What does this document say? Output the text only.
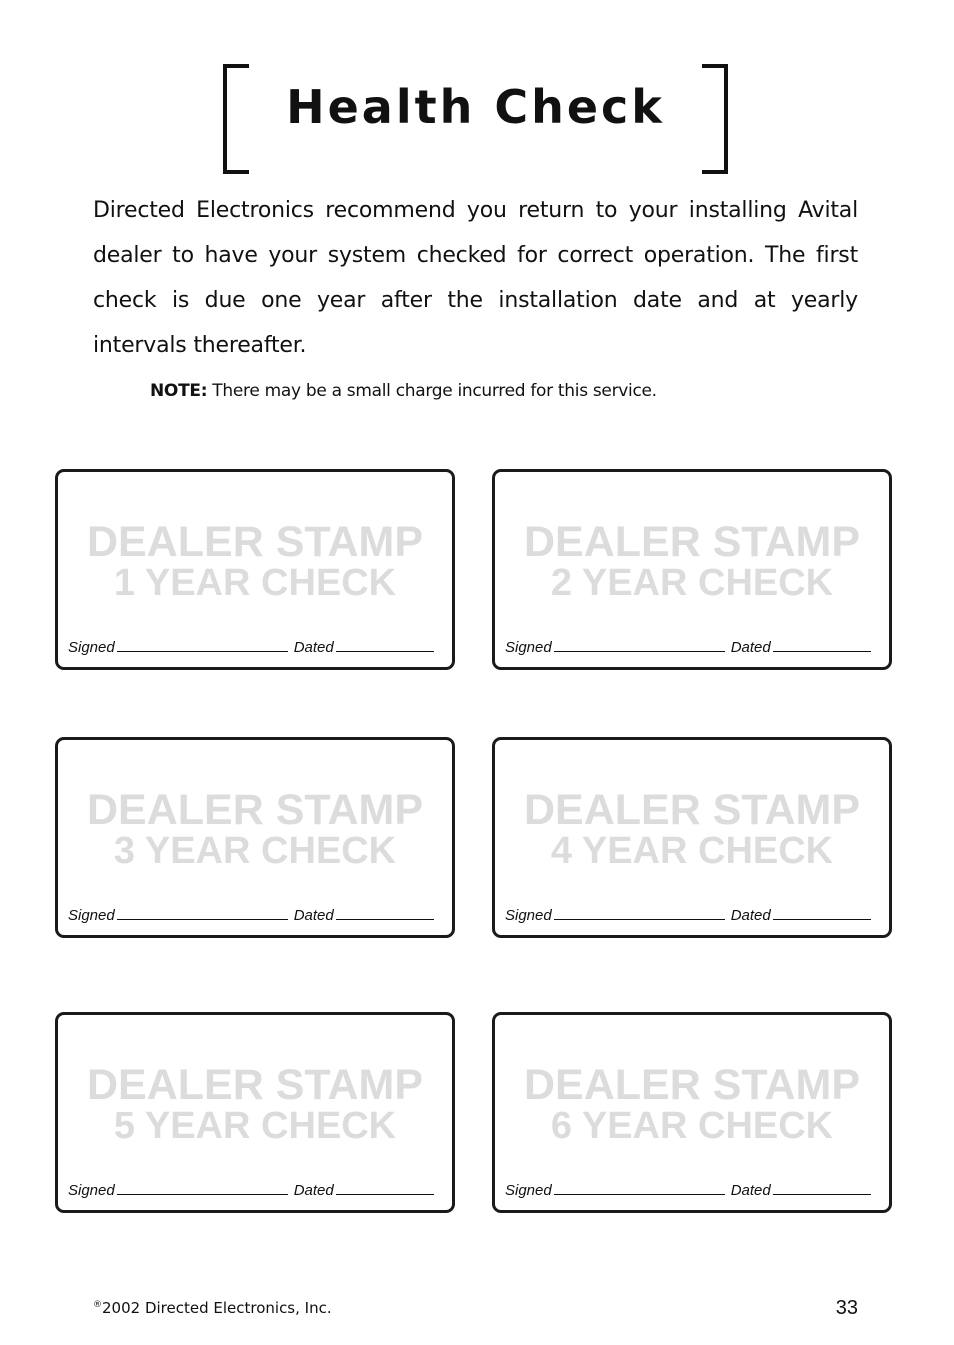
Health Check

Directed Electronics recommend you return to your installing Avital dealer to have your system checked for correct operation. The first check is due one year after the installation date and at yearly intervals thereafter.

NOTE: There may be a small charge incurred for this service.
DEALER STAMP
1 YEAR CHECK
Signed	Dated
DEALER STAMP
2 YEAR CHECK
Signed	Dated
DEALER STAMP
3 YEAR CHECK
Signed	Dated
DEALER STAMP
4 YEAR CHECK
Signed	Dated
DEALER STAMP
5 YEAR CHECK
Signed	Dated
DEALER STAMP
6 YEAR CHECK
Signed	Dated
®2002 Directed Electronics, Inc.	33
